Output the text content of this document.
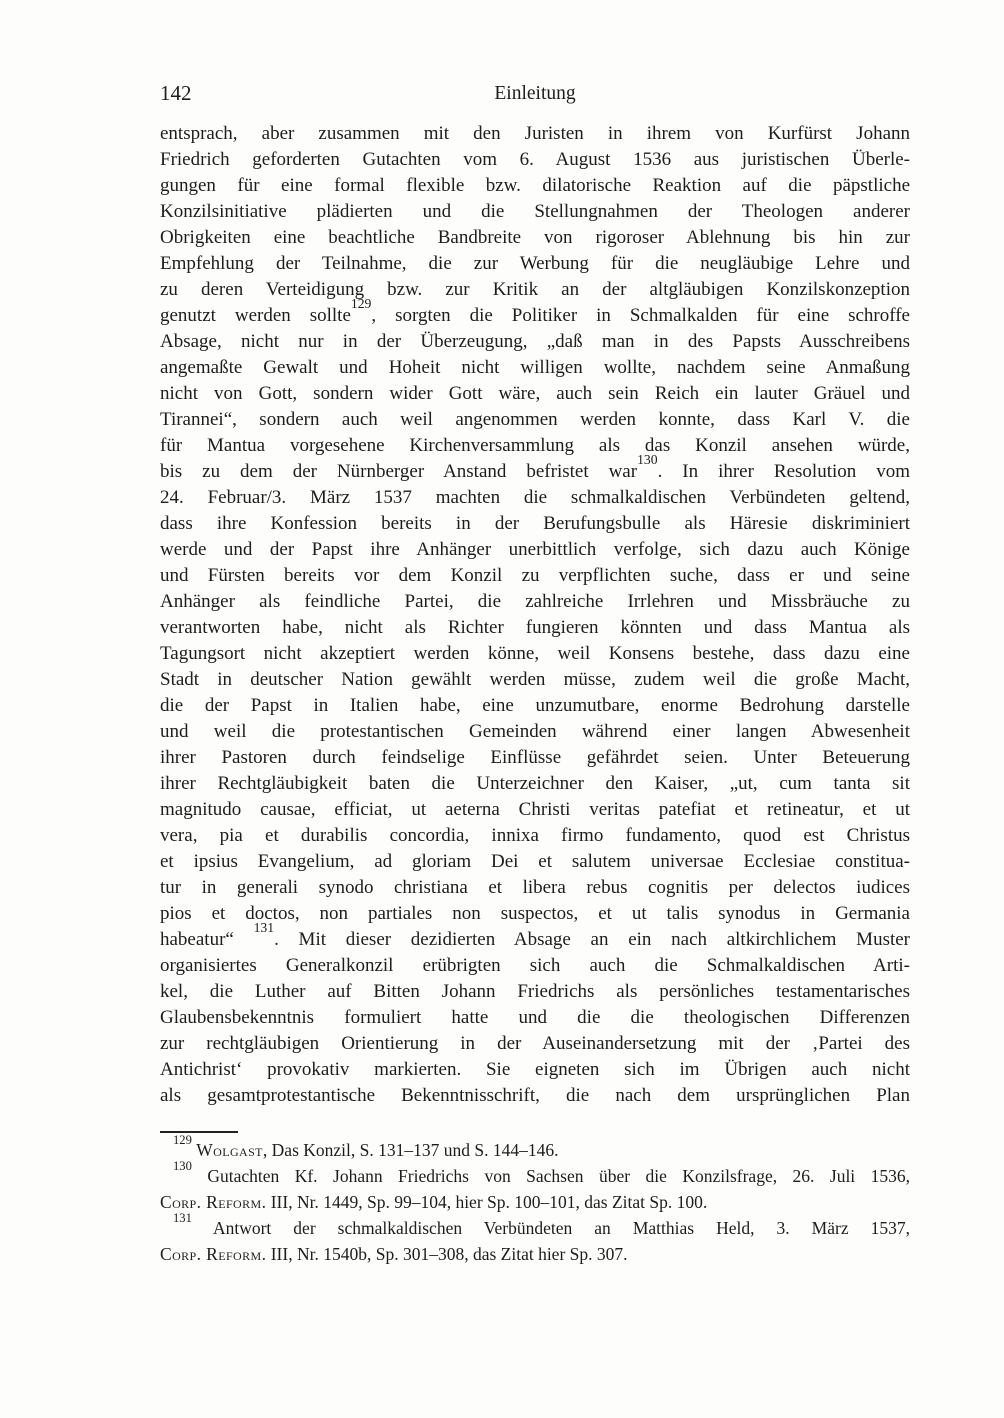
142	Einleitung
entsprach, aber zusammen mit den Juristen in ihrem von Kurfürst Johann
Friedrich geforderten Gutachten vom 6. August 1536 aus juristischen Überle-
gungen für eine formal flexible bzw. dilatorische Reaktion auf die päpstliche
Konzilsinitiative plädierten und die Stellungnahmen der Theologen anderer
Obrigkeiten eine beachtliche Bandbreite von rigoroser Ablehnung bis hin zur
Empfehlung der Teilnahme, die zur Werbung für die neugläubige Lehre und
zu deren Verteidigung bzw. zur Kritik an der altgläubigen Konzilskonzeption
genutzt werden sollte$^{129}$, sorgten die Politiker in Schmalkalden für eine schroffe
Absage, nicht nur in der Überzeugung, „daß man in des Papsts Ausschreibens
angemaßte Gewalt und Hoheit nicht willigen wollte, nachdem seine Anmaßung
nicht von Gott, sondern wider Gott wäre, auch sein Reich ein lauter Gräuel und
Tirannei“, sondern auch weil angenommen werden konnte, dass Karl V. die
für Mantua vorgesehene Kirchenversammlung als das Konzil ansehen würde,
bis zu dem der Nürnberger Anstand befristet war$^{130}$. In ihrer Resolution vom
24. Februar/3. März 1537 machten die schmalkaldischen Verbündeten geltend,
dass ihre Konfession bereits in der Berufungsbulle als Häresie diskriminiert
werde und der Papst ihre Anhänger unerbittlich verfolge, sich dazu auch Könige
und Fürsten bereits vor dem Konzil zu verpflichten suche, dass er und seine
Anhänger als feindliche Partei, die zahlreiche Irrlehren und Missbräuche zu
verantworten habe, nicht als Richter fungieren könnten und dass Mantua als
Tagungsort nicht akzeptiert werden könne, weil Konsens bestehe, dass dazu eine
Stadt in deutscher Nation gewählt werden müsse, zudem weil die große Macht,
die der Papst in Italien habe, eine unzumutbare, enorme Bedrohung darstelle
und weil die protestantischen Gemeinden während einer langen Abwesenheit
ihrer Pastoren durch feindselige Einflüsse gefährdet seien. Unter Beteuerung
ihrer Rechtgläubigkeit baten die Unterzeichner den Kaiser, „ut, cum tanta sit
magnitudo causae, efficiat, ut aeterna Christi veritas patefiat et retineatur, et ut
vera, pia et durabilis concordia, innixa firmo fundamento, quod est Christus
et ipsius Evangelium, ad gloriam Dei et salutem universae Ecclesiae constitua-
tur in generali synodo christiana et libera rebus cognitis per delectos iudices
pios et doctos, non partiales non suspectos, et ut talis synodus in Germania
habeatur“ $^{131}$. Mit dieser dezidierten Absage an ein nach altkirchlichem Muster
organisiertes Generalkonzil erübrigten sich auch die Schmalkaldischen Arti-
kel, die Luther auf Bitten Johann Friedrichs als persönliches testamentarisches
Glaubensbekenntnis formuliert hatte und die die theologischen Differenzen
zur rechtgläubigen Orientierung in der Auseinandersetzung mit der ‚Partei des
Antichrist‘ provokativ markierten. Sie eigneten sich im Übrigen auch nicht
als gesamtprotestantische Bekenntnisschrift, die nach dem ursprünglichen Plan
$^{129}$ Wolgast, Das Konzil, S. 131–137 und S. 144–146.
$^{130}$ Gutachten Kf. Johann Friedrichs von Sachsen über die Konzilsfrage, 26. Juli 1536,
Corp. Reform. III, Nr. 1449, Sp. 99–104, hier Sp. 100–101, das Zitat Sp. 100.
$^{131}$ Antwort der schmalkaldischen Verbündeten an Matthias Held, 3. März 1537,
Corp. Reform. III, Nr. 1540b, Sp. 301–308, das Zitat hier Sp. 307.
